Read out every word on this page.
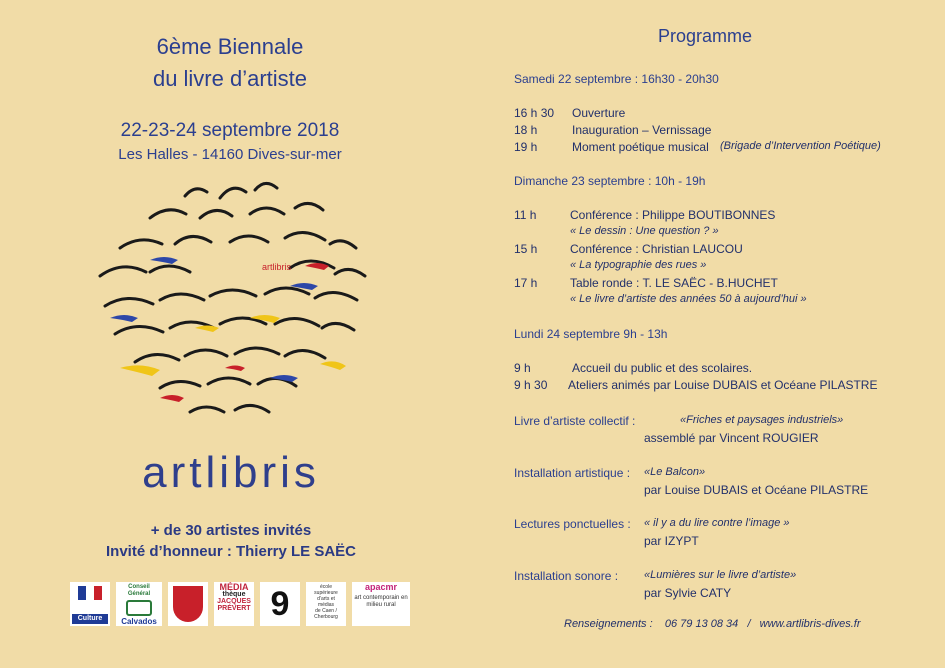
6ème Biennale
du livre d’artiste
22-23-24 septembre 2018
Les Halles - 14160 Dives-sur-mer
artlibris
artlibris
+ de 30 artistes invités
Invité d’honneur : Thierry LE SAËC
Culture
Conseil Général
Calvados
MÉDIA
thèque
JACQUES PRÉVERT 9	école
supérieure
d’arts et
médias
de Caen /
Cherbourg
apacmr
art contemporain en milieu rural
Programme
Samedi 22 septembre : 16h30 - 20h30
16 h 30 Ouverture
18 h	Inauguration – Vernissage
19 h	Moment poétique musical (Brigade d’Intervention Poétique)
Dimanche 23 septembre : 10h - 19h
11 h	Conférence : Philippe BOUTIBONNES
« Le dessin : Une question ? »
15 h	Conférence : Christian LAUCOU
« La typographie des rues »
17 h	Table ronde : T. LE SAËC - B.HUCHET
« Le livre d’artiste des années 50 à aujourd’hui »
Lundi 24 septembre 9h - 13h
9 h	Accueil du public et des scolaires.
9 h 30 Ateliers animés par Louise DUBAIS et Océane PILASTRE
Livre d’artiste collectif :	«Friches et paysages industriels»
assemblé par Vincent ROUGIER
Installation artistique : «Le Balcon»
par Louise DUBAIS et Océane PILASTRE
Lectures ponctuelles : « il y a du lire contre l’image »
par IZYPT
Installation sonore : «Lumières sur le livre d’artiste»
par Sylvie CATY
Renseignements :    06 79 13 08 34   /   www.artlibris-dives.fr
